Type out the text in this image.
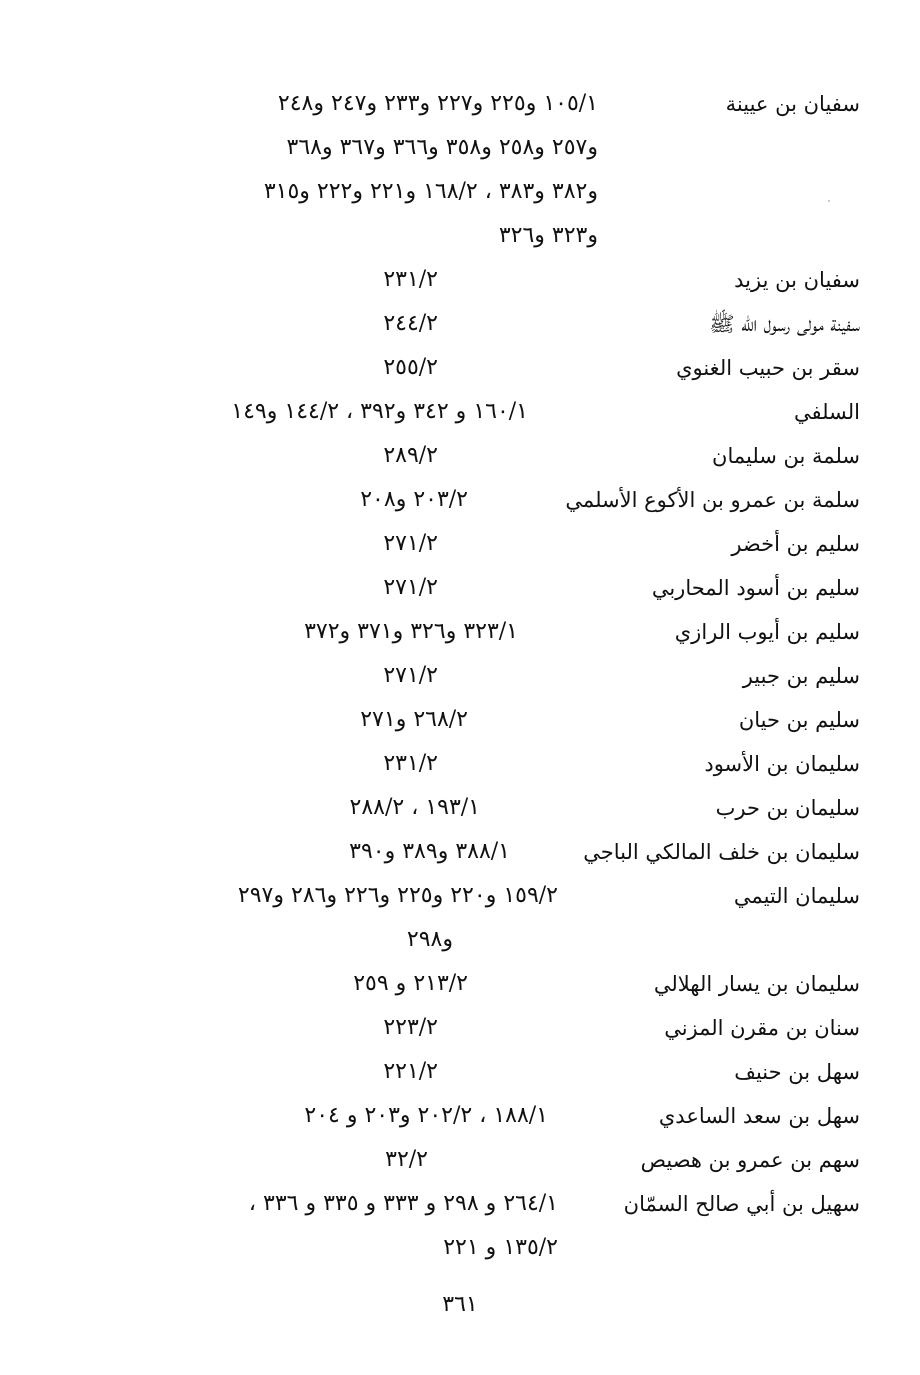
سفيان بن عيينة
١٠٥/١ و٢٢٥ و٢٢٧ و٢٣٣ و٢٤٧ و٢٤٨
و٢٥٧ و٢٥٨ و٣٥٨ و٣٦٦ و٣٦٧ و٣٦٨
و٣٨٢ و٣٨٣ ، ١٦٨/٢ و٢٢١ و٢٢٢ و٣١٥
و٣٢٣ و٣٢٦
سفيان بن يزيد
٢٣١/٢
سفينة مولى رسول الله ﷺ
٢٤٤/٢
سقر بن حبيب الغنوي
٢٥٥/٢
السلفي
١٦٠/١ و ٣٤٢ و٣٩٢ ، ١٤٤/٢ و١٤٩
سلمة بن سليمان
٢٨٩/٢
سلمة بن عمرو بن الأكوع الأسلمي
٢٠٣/٢ و٢٠٨
سليم بن أخضر
٢٧١/٢
سليم بن أسود المحاربي
٢٧١/٢
سليم بن أيوب الرازي
٣٢٣/١ و٣٢٦ و٣٧١ و٣٧٢
سليم بن جبير
٢٧١/٢
سليم بن حيان
٢٦٨/٢ و٢٧١
سليمان بن الأسود
٢٣١/٢
سليمان بن حرب
١٩٣/١ ، ٢٨٨/٢
سليمان بن خلف المالكي الباجي
٣٨٨/١ و٣٨٩ و٣٩٠
سليمان التيمي
١٥٩/٢ و٢٢٠ و٢٢٥ و٢٢٦ و٢٨٦ و٢٩٧
و٢٩٨
سليمان بن يسار الهلالي
٢١٣/٢ و ٢٥٩
سنان بن مقرن المزني
٢٢٣/٢
سهل بن حنيف
٢٢١/٢
سهل بن سعد الساعدي
١٨٨/١ ، ٢٠٢/٢ و٢٠٣ و ٢٠٤
سهم بن عمرو بن هصيص
٣٢/٢
سهيل بن أبي صالح السمّان
٢٦٤/١ و ٢٩٨ و ٣٣٣ و ٣٣٥ و ٣٣٦ ،
١٣٥/٢ و ٢٢١
٣٦١
